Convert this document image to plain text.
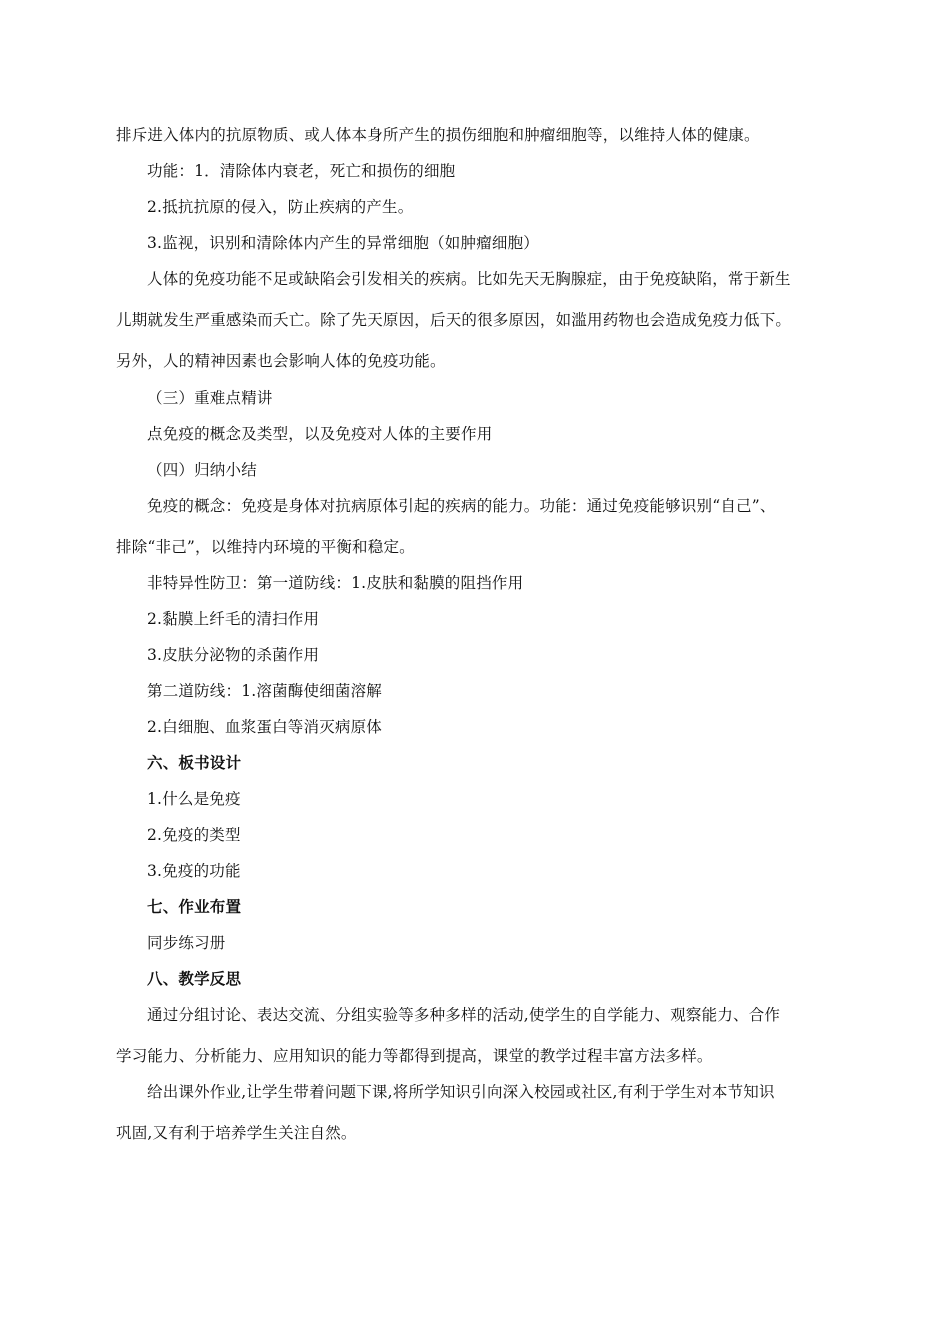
排斥进入体内的抗原物质、或人体本身所产生的损伤细胞和肿瘤细胞等，以维持人体的健康。
功能：1．清除体内衰老，死亡和损伤的细胞
2.抵抗抗原的侵入，防止疾病的产生。
3.监视，识别和清除体内产生的异常细胞（如肿瘤细胞）
人体的免疫功能不足或缺陷会引发相关的疾病。比如先天无胸腺症，由于免疫缺陷，常于新生
儿期就发生严重感染而夭亡。除了先天原因，后天的很多原因，如滥用药物也会造成免疫力低下。
另外，人的精神因素也会影响人体的免疫功能。
（三）重难点精讲
点免疫的概念及类型，以及免疫对人体的主要作用
（四）归纳小结
免疫的概念：免疫是身体对抗病原体引起的疾病的能力。功能：通过免疫能够识别“自己”、
排除“非己”，以维持内环境的平衡和稳定。
非特异性防卫：第一道防线：1.皮肤和黏膜的阻挡作用
2.黏膜上纤毛的清扫作用
3.皮肤分泌物的杀菌作用
第二道防线：1.溶菌酶使细菌溶解
2.白细胞、血浆蛋白等消灭病原体
六、板书设计
1.什么是免疫
2.免疫的类型
3.免疫的功能
七、作业布置
同步练习册
八、教学反思
通过分组讨论、表达交流、分组实验等多种多样的活动,使学生的自学能力、观察能力、合作
学习能力、分析能力、应用知识的能力等都得到提高，课堂的教学过程丰富方法多样。
给出课外作业,让学生带着问题下课,将所学知识引向深入校园或社区,有利于学生对本节知识
巩固,又有利于培养学生关注自然。
